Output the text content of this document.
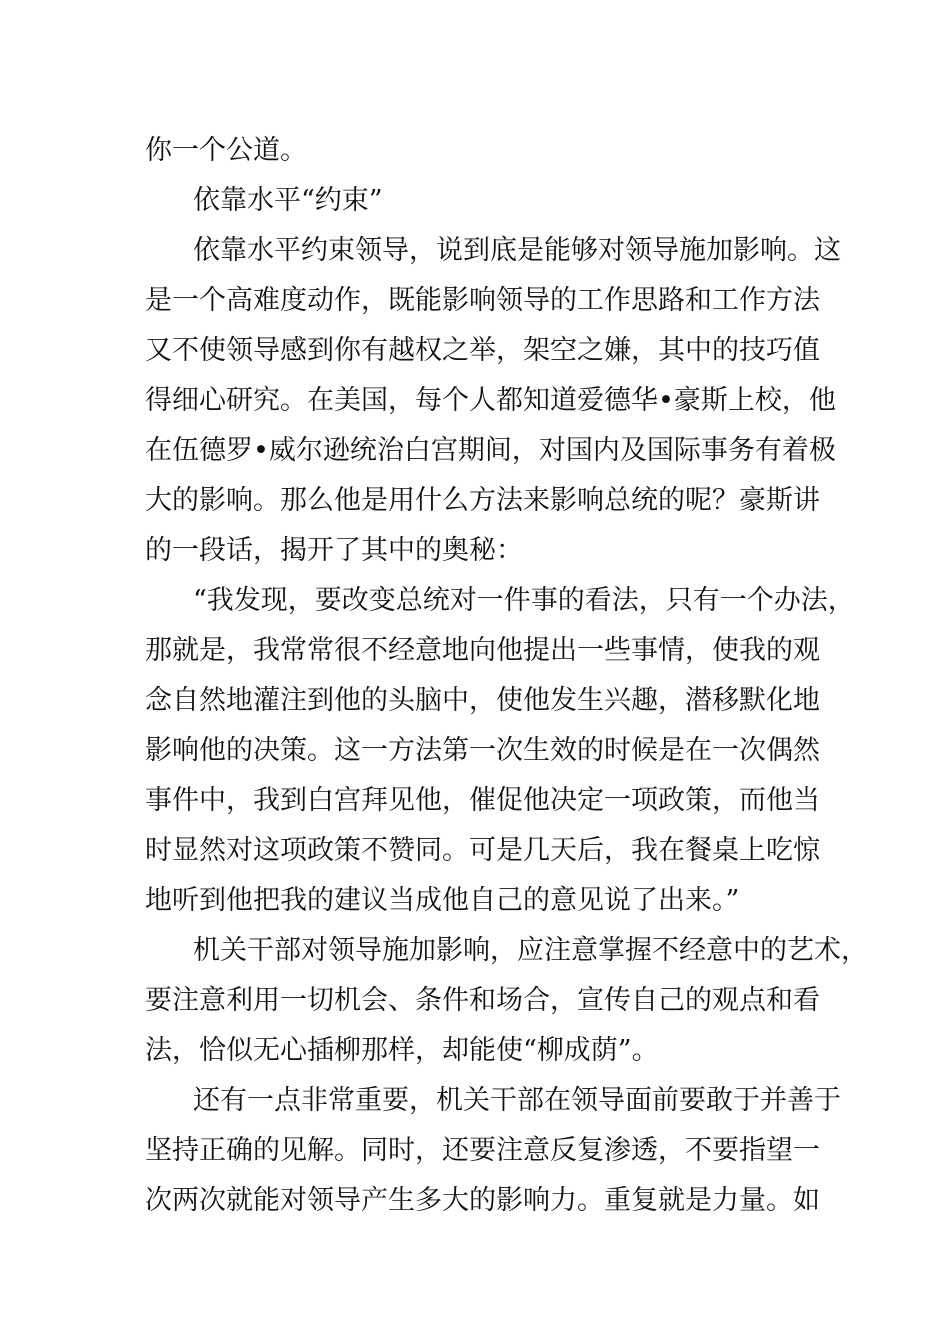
你一个公道。

依靠水平“约束”

依靠水平约束领导，说到底是能够对领导施加影响。这

是一个高难度动作，既能影响领导的工作思路和工作方法

又不使领导感到你有越权之举，架空之嫌，其中的技巧值

得细心研究。在美国，每个人都知道爱德华•豪斯上校，他

在伍德罗•威尔逊统治白宫期间，对国内及国际事务有着极

大的影响。那么他是用什么方法来影响总统的呢？豪斯讲

的一段话，揭开了其中的奥秘：

“我发现，要改变总统对一件事的看法，只有一个办法，

那就是，我常常很不经意地向他提出一些事情，使我的观

念自然地灌注到他的头脑中，使他发生兴趣，潜移默化地

影响他的决策。这一方法第一次生效的时候是在一次偶然

事件中，我到白宫拜见他，催促他决定一项政策，而他当

时显然对这项政策不赞同。可是几天后，我在餐桌上吃惊

地听到他把我的建议当成他自己的意见说了出来。”

机关干部对领导施加影响，应注意掌握不经意中的艺术，

要注意利用一切机会、条件和场合，宣传自己的观点和看

法，恰似无心插柳那样，却能使“柳成荫”。

还有一点非常重要，机关干部在领导面前要敢于并善于

坚持正确的见解。同时，还要注意反复渗透，不要指望一

次两次就能对领导产生多大的影响力。重复就是力量。如
